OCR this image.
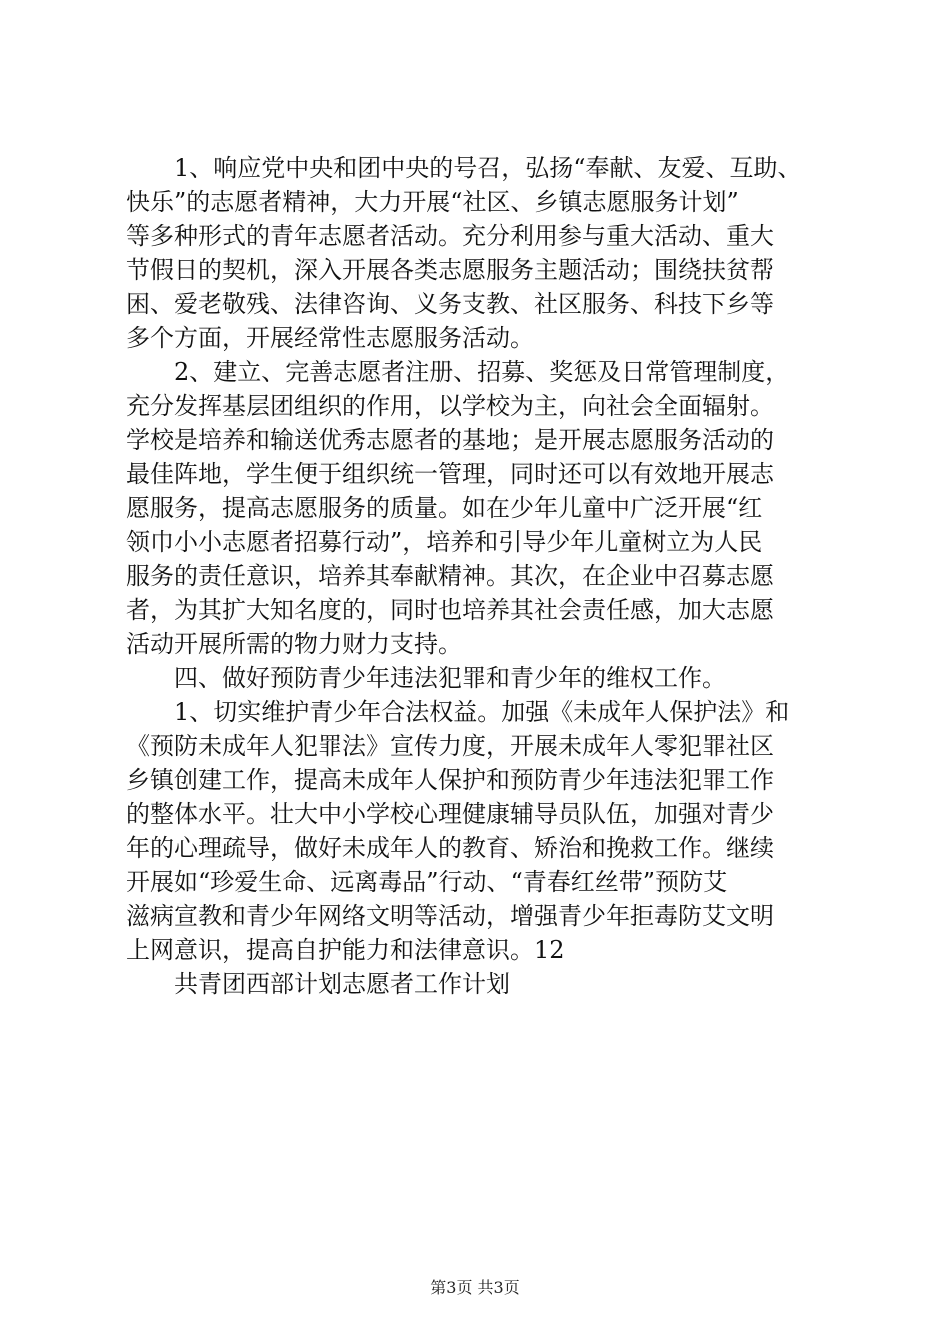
　　1、响应党中央和团中央的号召，弘扬“奉献、友爱、互助、
快乐”的志愿者精神，大力开展“社区、乡镇志愿服务计划”
等多种形式的青年志愿者活动。充分利用参与重大活动、重大
节假日的契机，深入开展各类志愿服务主题活动；围绕扶贫帮
困、爱老敬残、法律咨询、义务支教、社区服务、科技下乡等
多个方面，开展经常性志愿服务活动。
　　2、建立、完善志愿者注册、招募、奖惩及日常管理制度，
充分发挥基层团组织的作用，以学校为主，向社会全面辐射。
学校是培养和输送优秀志愿者的基地；是开展志愿服务活动的
最佳阵地，学生便于组织统一管理，同时还可以有效地开展志
愿服务，提高志愿服务的质量。如在少年儿童中广泛开展“红
领巾小小志愿者招募行动”，培养和引导少年儿童树立为人民
服务的责任意识，培养其奉献精神。其次，在企业中召募志愿
者，为其扩大知名度的，同时也培养其社会责任感，加大志愿
活动开展所需的物力财力支持。
　　四、做好预防青少年违法犯罪和青少年的维权工作。
　　1、切实维护青少年合法权益。加强《未成年人保护法》和
《预防未成年人犯罪法》宣传力度，开展未成年人零犯罪社区
乡镇创建工作，提高未成年人保护和预防青少年违法犯罪工作
的整体水平。壮大中小学校心理健康辅导员队伍，加强对青少
年的心理疏导，做好未成年人的教育、矫治和挽救工作。继续
开展如“珍爱生命、远离毒品”行动、“青春红丝带”预防艾
滋病宣教和青少年网络文明等活动，增强青少年拒毒防艾文明
上网意识，提高自护能力和法律意识。12
　　共青团西部计划志愿者工作计划
第3页 共3页
